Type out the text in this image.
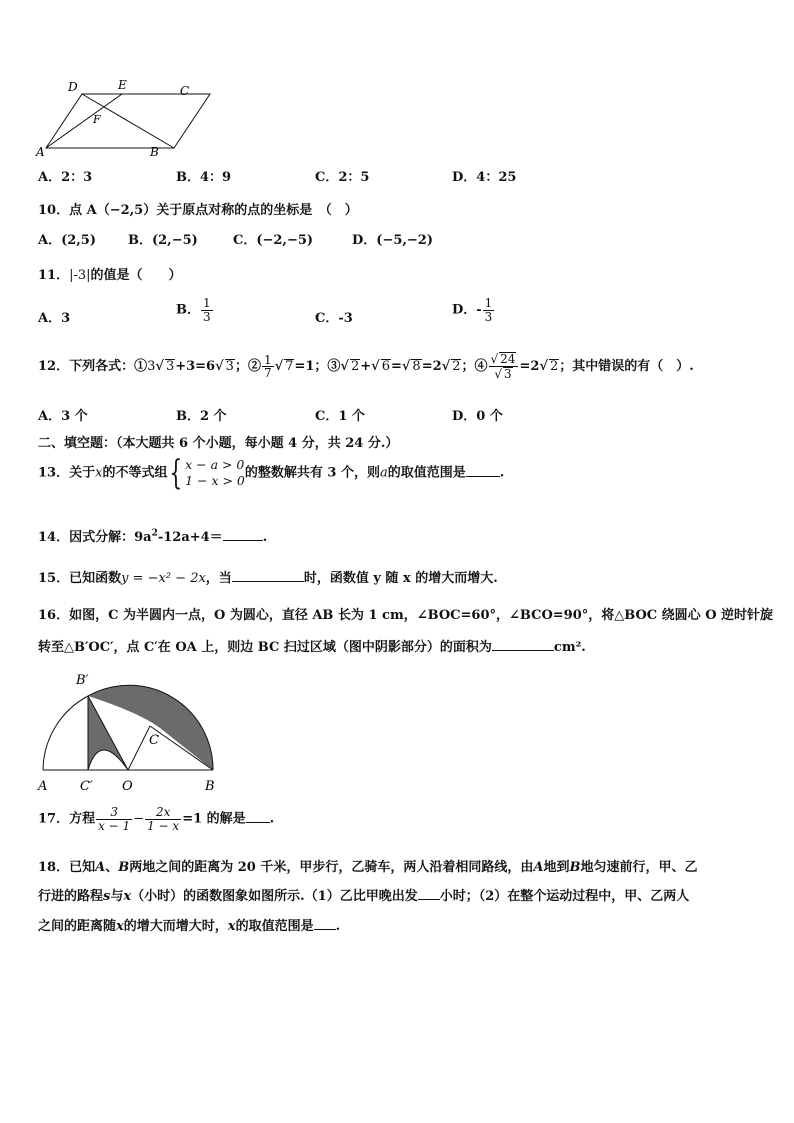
D	E	C
F
A	B
A．2：3	B．4：9	C．2：5	D．4：25
10．点 A（−2,5）关于原点对称的点的坐标是　（　）
A．(2,5) B．(2,−5)	C．(−2,−5)	D．(−5,−2)
11．|-3|的值是（　　）
A．3
B． $\frac{1}{3}$	C．-3
D．- $\frac{1}{3}$
12．下列各式：①3√ 3+3=6√ 3；② $\frac{1}{7}$ √ 7=1；③√ 2+√ 6=√ 8=2√ 2；④ $\frac{√ 24}{√ 3} =2√$ 2；其中错误的有（　）.
A．3 个	B．2 个	C．1 个	D．0 个
二、填空题：（本大题共 6 个小题，每小题 4 分，共 24 分.）
13．关于x的不等式组{ x − a > 0
1 − x > 0 的整数解共有 3 个，则a的取值范围是	.
14．因式分解：$9a^2-12a+4=$	.
15．已知函数y = −x² − 2x，当	时，函数值 y 随 x 的增大而增大.
16．如图，C 为半圆内一点，O 为圆心，直径 AB 长为 1 cm，∠BOC=60°，∠BCO=90°，将△BOC 绕圆心 O 逆时针旋
转至△B′OC′，点 C′在 OA 上，则边 BC 扫过区域（图中阴影部分）的面积为	cm².
B′
C
A	C′ O	B
17．方程 $\frac{3}{x - 1} - \frac{2x}{1 - x} =1$ 的解是 .
18．已知A、B两地之间的距离为 20 千米，甲步行，乙骑车，两人沿着相同路线，由A地到B地匀速前行，甲、乙
行进的路程s与x（小时）的函数图象如图所示.（1）乙比甲晚出发 小时；（2）在整个运动过程中，甲、乙两人
之间的距离随x的增大而增大时，x的取值范围是 .
